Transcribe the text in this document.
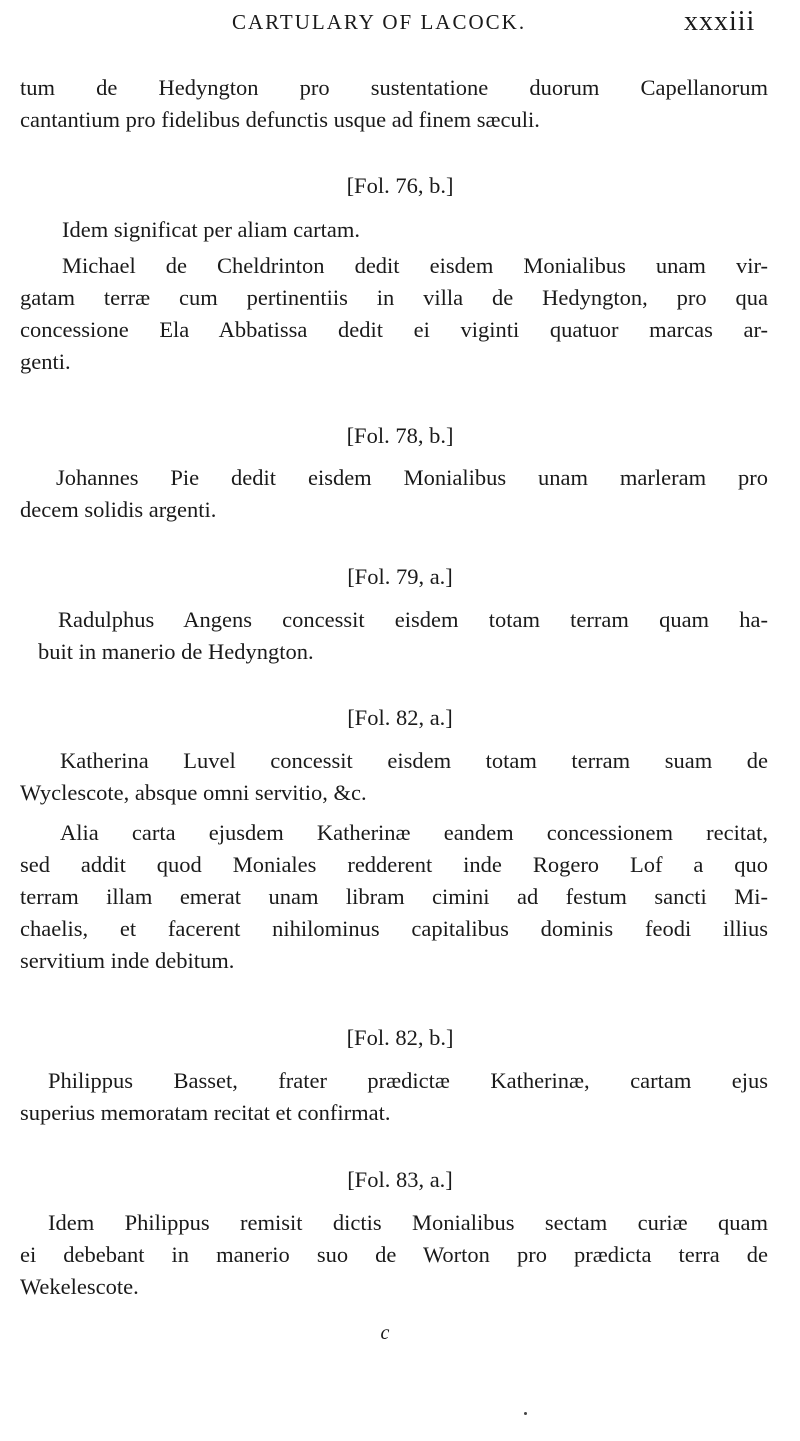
CARTULARY OF LACOCK.	xxxiii
tum de Hedyngton pro sustentatione duorum Capellanorum
cantantium pro fidelibus defunctis usque ad finem sæculi.
[Fol. 76, b.]
Idem significat per aliam cartam.
Michael de Cheldrinton dedit eisdem Monialibus unam vir-
gatam terræ cum pertinentiis in villa de Hedyngton, pro qua
concessione Ela Abbatissa dedit ei viginti quatuor marcas ar-
genti.
[Fol. 78, b.]
Johannes Pie dedit eisdem Monialibus unam marleram pro
decem solidis argenti.
[Fol. 79, a.]
Radulphus Angens concessit eisdem totam terram quam ha-
buit in manerio de Hedyngton.
[Fol. 82, a.]
Katherina Luvel concessit eisdem totam terram suam de
Wyclescote, absque omni servitio, &c.
Alia carta ejusdem Katherinæ eandem concessionem recitat,
sed addit quod Moniales redderent inde Rogero Lof a quo
terram illam emerat unam libram cimini ad festum sancti Mi-
chaelis, et facerent nihilominus capitalibus dominis feodi illius
servitium inde debitum.
[Fol. 82, b.]
Philippus Basset, frater prædictæ Katherinæ, cartam ejus
superius memoratam recitat et confirmat.
[Fol. 83, a.]
Idem Philippus remisit dictis Monialibus sectam curiæ quam
ei debebant in manerio suo de Worton pro prædicta terra de
Wekelescote.
c
